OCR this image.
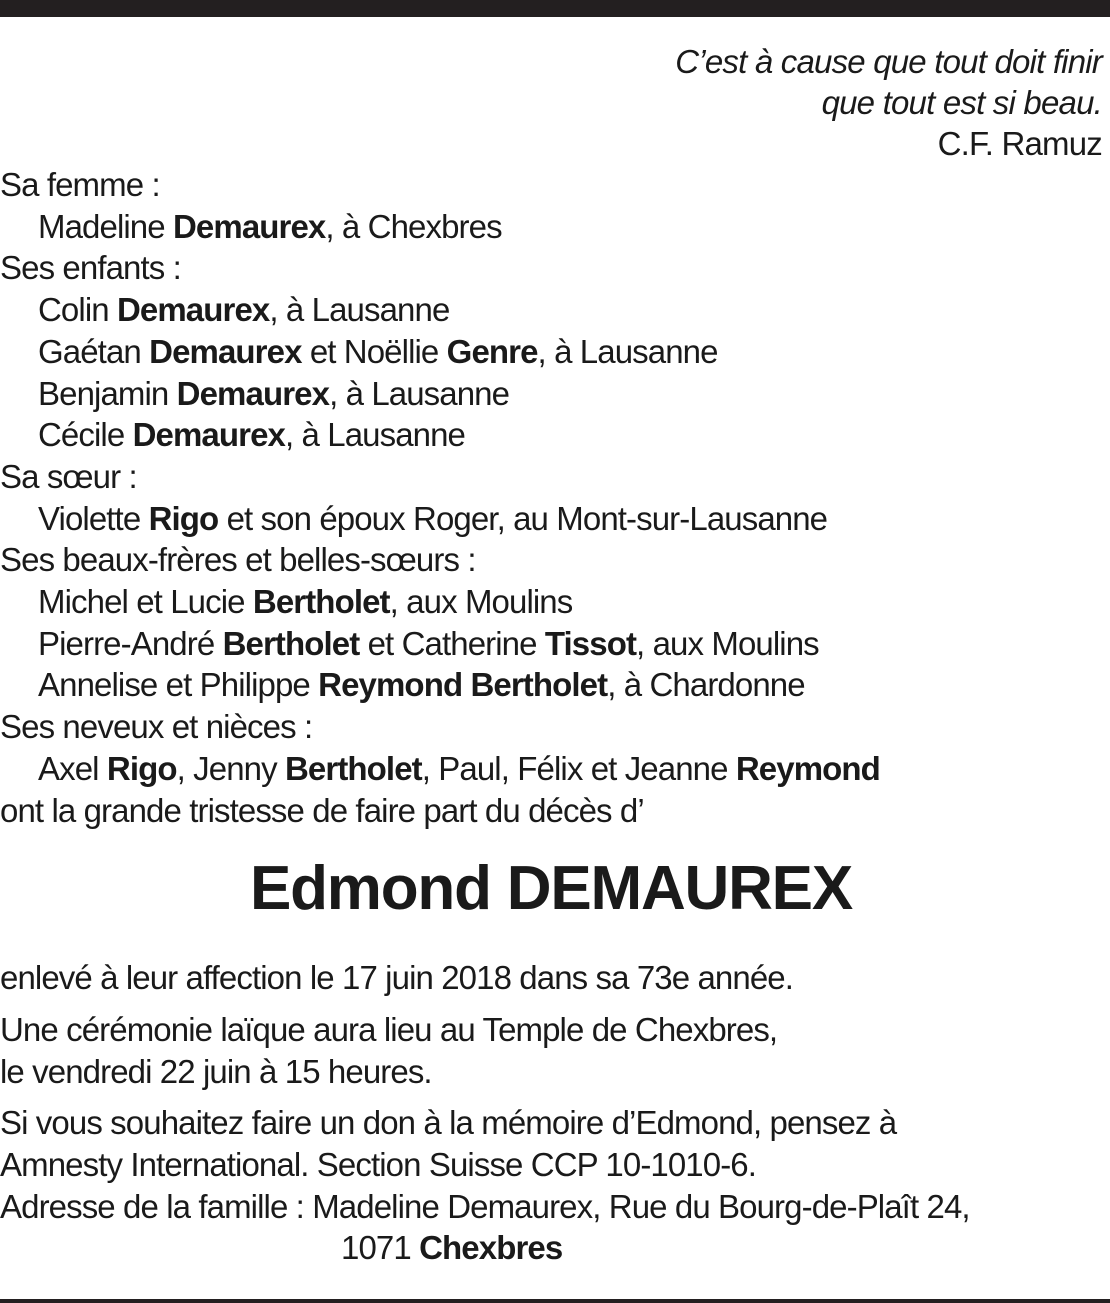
C’est à cause que tout doit finir
que tout est si beau.
C.F. Ramuz
Sa femme :
Madeline Demaurex, à Chexbres
Ses enfants :
Colin Demaurex, à Lausanne
Gaétan Demaurex et Noëllie Genre, à Lausanne
Benjamin Demaurex, à Lausanne
Cécile Demaurex, à Lausanne
Sa sœur :
Violette Rigo et son époux Roger, au Mont-sur-Lausanne
Ses beaux-frères et belles-sœurs :
Michel et Lucie Bertholet, aux Moulins
Pierre-André Bertholet et Catherine Tissot, aux Moulins
Annelise et Philippe Reymond Bertholet, à Chardonne
Ses neveux et nièces :
Axel Rigo, Jenny Bertholet, Paul, Félix et Jeanne Reymond
ont la grande tristesse de faire part du décès d’
Edmond DEMAUREX
enlevé à leur affection le 17 juin 2018 dans sa 73e année.
Une cérémonie laïque aura lieu au Temple de Chexbres,
le vendredi 22 juin à 15 heures.
Si vous souhaitez faire un don à la mémoire d’Edmond, pensez à
Amnesty International. Section Suisse CCP 10-1010-6.
Adresse de la famille : Madeline Demaurex, Rue du Bourg-de-Plaît 24,
1071 Chexbres
